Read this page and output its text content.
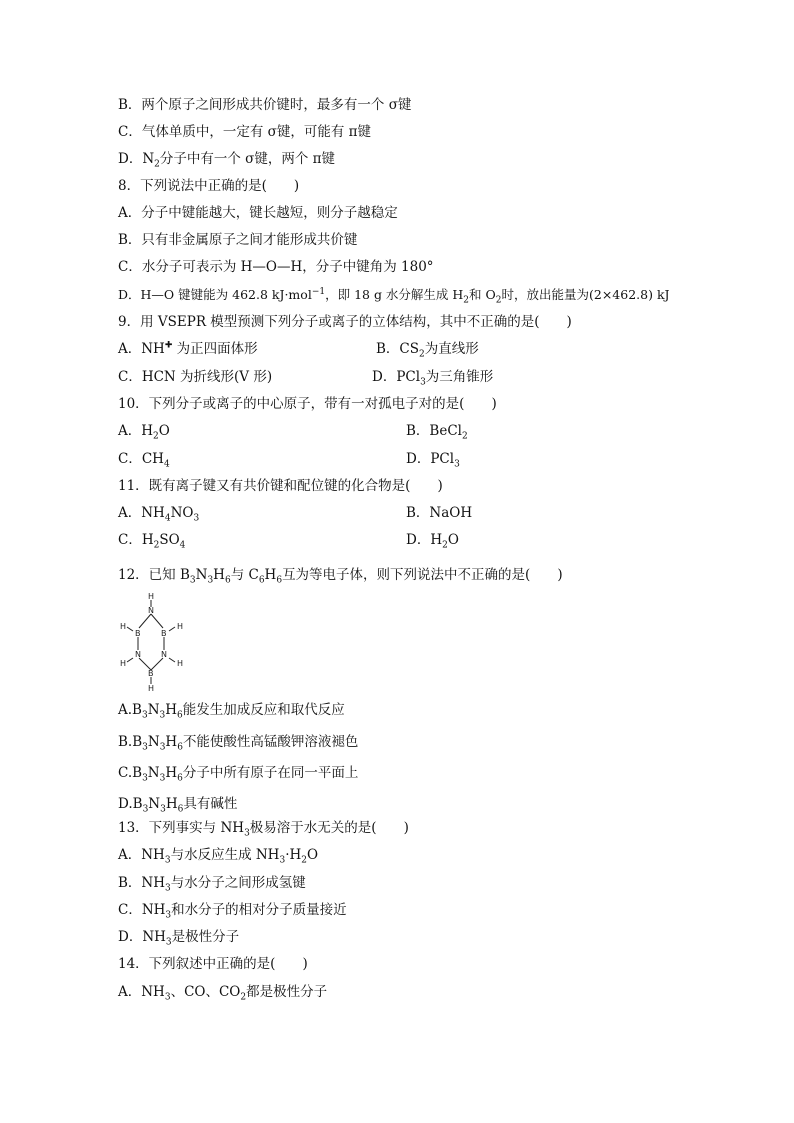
B．两个原子之间形成共价键时，最多有一个 σ键
C．气体单质中，一定有 σ键，可能有 π键
D．$N_2$分子中有一个 σ键，两个 π键
8．下列说法中正确的是(　　)
A．分子中键能越大，键长越短，则分子越稳定
B．只有非金属原子之间才能形成共价键
C．水分子可表示为 H—O—H，分子中键角为 180°
D．H—O 键键能为 462.8 kJ·mol$^{-1}$，即 18 g 水分解生成 $H_2$和 $O_2$时，放出能量为(2×462.8) kJ
9．用 VSEPR 模型预测下列分子或离子的立体结构，其中不正确的是(　　)
A．NH✚ 为正四面体形	B．$CS_2$为直线形
C．HCN 为折线形(V 形)	D．PCl$_3$为三角锥形
10．下列分子或离子的中心原子，带有一对孤电子对的是(　　)
A．$H_2O$	B．BeCl$_2$
C．$CH_4$	D．PCl$_3$
11．既有离子键又有共价键和配位键的化合物是(　　)
A．$NH_4NO_3$	B．NaOH
C．$H_2SO_4$	D．$H_2O$
12．已知 $B_3N_3H_6$与 $C_6H_6$互为等电子体，则下列说法中不正确的是(　　)
H
N
H
B	B
H
N	N
H	H
B
H
$A.B_3N_3H_6$能发生加成反应和取代反应
$B.B_3N_3H_6$不能使酸性高锰酸钾溶液褪色
$C.B_3N_3H_6$分子中所有原子在同一平面上
$D.B_3N_3H_6$具有碱性
13．下列事实与 $NH_3$极易溶于水无关的是(　　)
A．$NH_3$与水反应生成 $NH_3\cdot H_2O$
B．$NH_3$与水分子之间形成氢键
C．$NH_3$和水分子的相对分子质量接近
D．$NH_3$是极性分子
14．下列叙述中正确的是(　　)
A．$NH_3$、CO、$CO_2$都是极性分子
